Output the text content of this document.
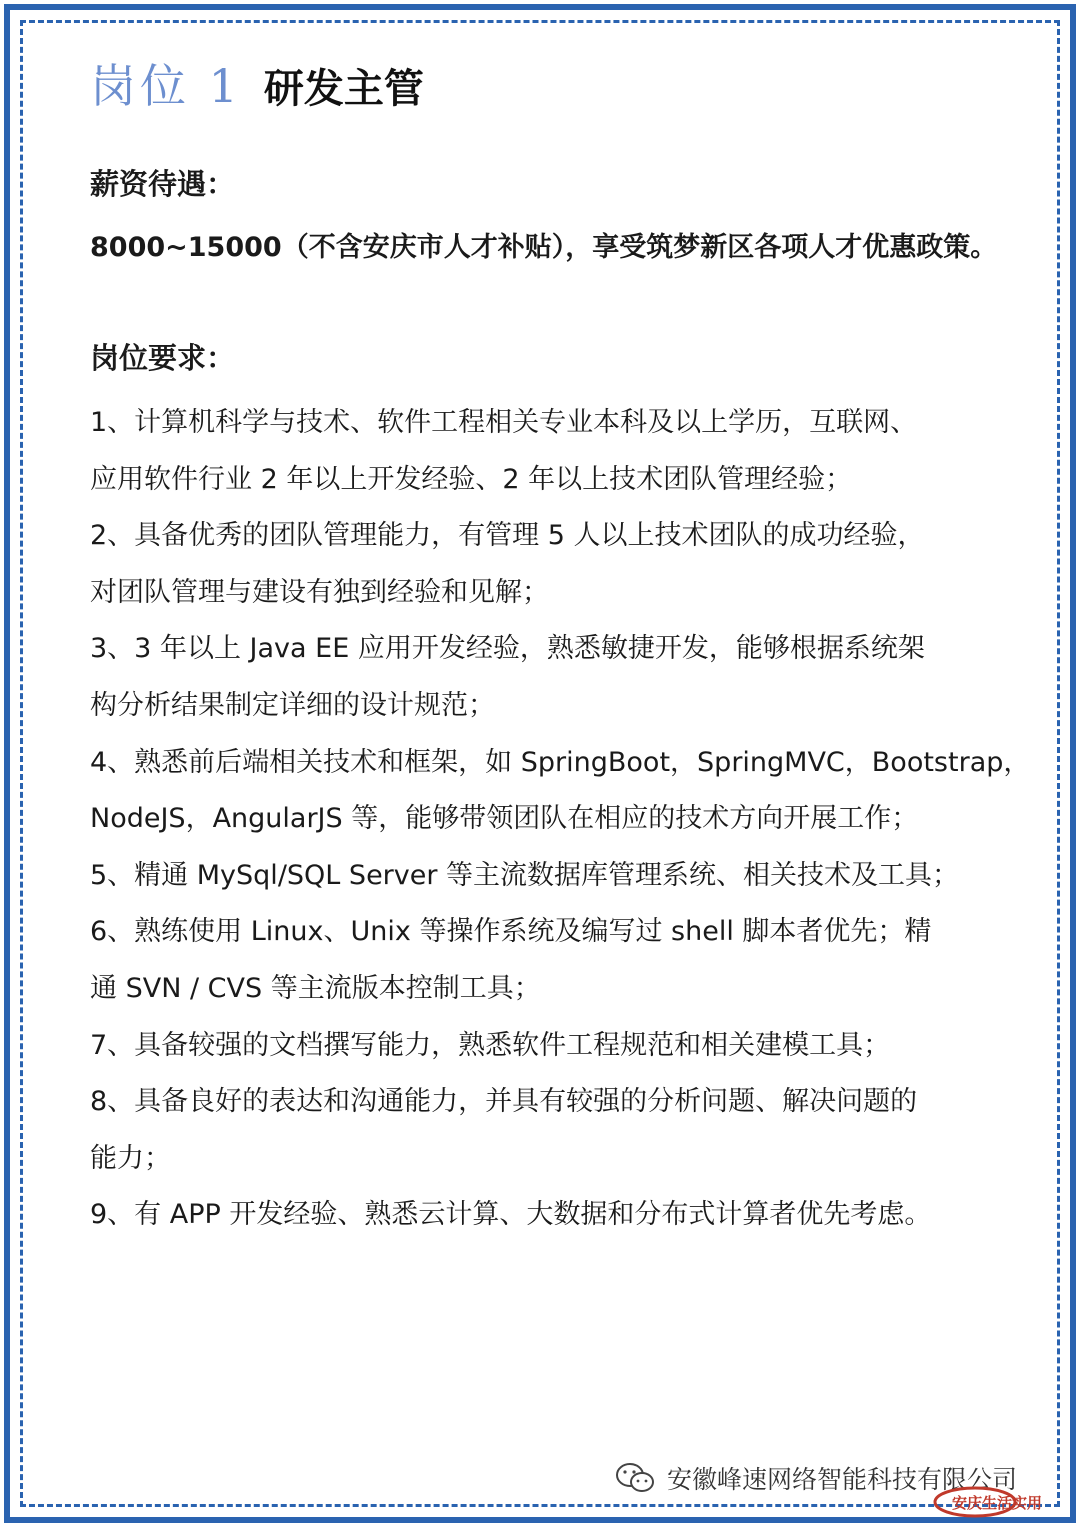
岗位 1 研发主管
薪资待遇：
8000~15000（不含安庆市人才补贴），享受筑梦新区各项人才优惠政策。
岗位要求：
1、计算机科学与技术、软件工程相关专业本科及以上学历，互联网、
应用软件行业 2 年以上开发经验、2 年以上技术团队管理经验；
2、具备优秀的团队管理能力，有管理 5 人以上技术团队的成功经验，
对团队管理与建设有独到经验和见解；
3、3 年以上 Java EE 应用开发经验，熟悉敏捷开发，能够根据系统架
构分析结果制定详细的设计规范；
4、熟悉前后端相关技术和框架，如 SpringBoot，SpringMVC，Bootstrap，
NodeJS，AngularJS 等，能够带领团队在相应的技术方向开展工作；
5、精通 MySql/SQL Server 等主流数据库管理系统、相关技术及工具；
6、熟练使用 Linux、Unix 等操作系统及编写过 shell 脚本者优先；精
通 SVN / CVS 等主流版本控制工具；
7、具备较强的文档撰写能力，熟悉软件工程规范和相关建模工具；
8、具备良好的表达和沟通能力，并具有较强的分析问题、解决问题的
能力；
9、有 APP 开发经验、熟悉云计算、大数据和分布式计算者优先考虑。
安徽峰速网络智能科技有限公司
安庆生活实用
